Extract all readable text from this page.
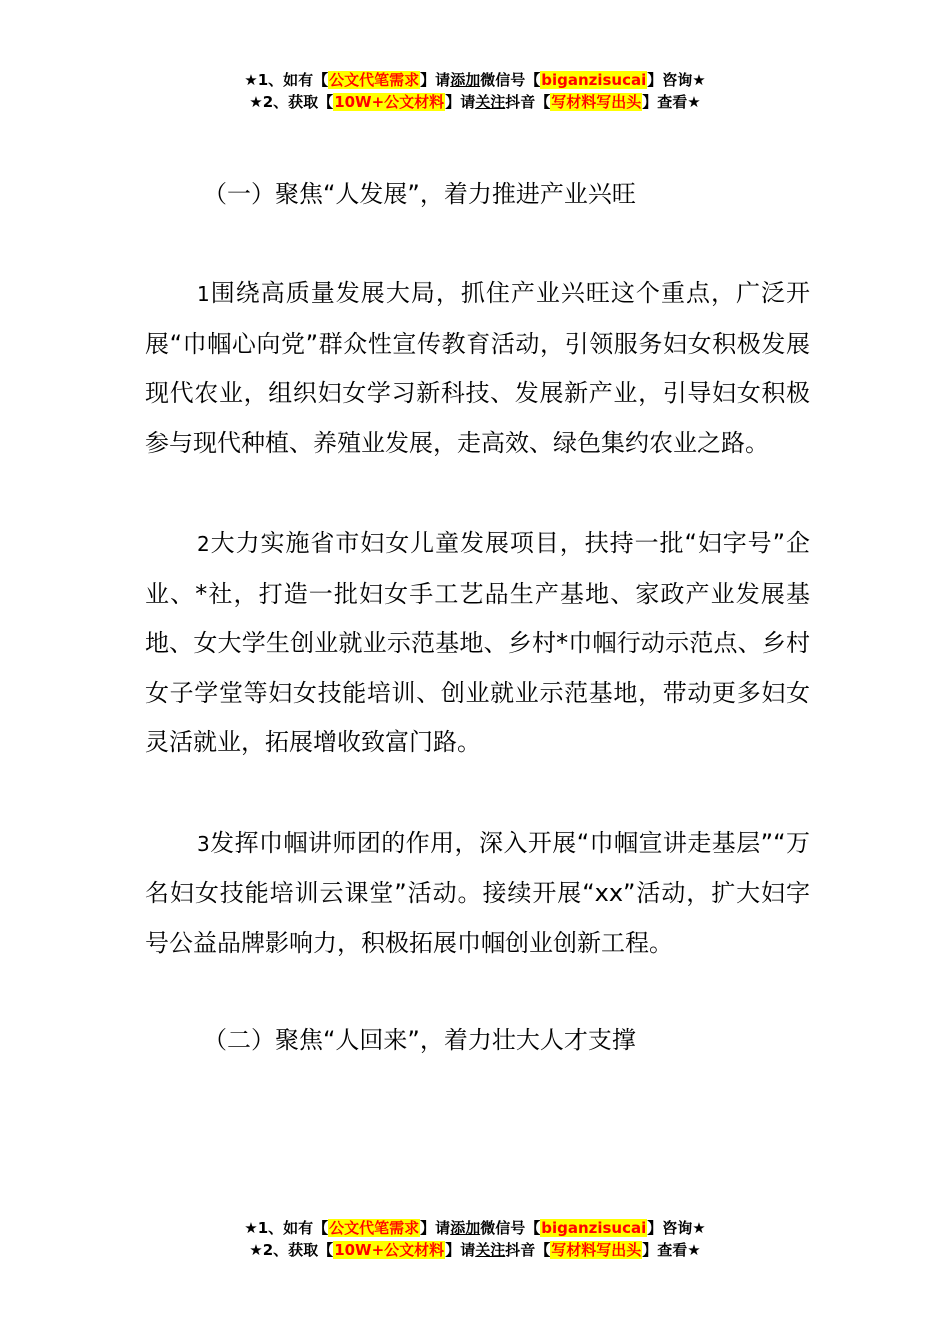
★1、如有【公文代笔需求】请添加微信号【biganzisucai】咨询★
★2、获取【10W+公文材料】请关注抖音【写材料写出头】查看★
（一）聚焦“人发展”，着力推进产业兴旺

1围绕高质量发展大局，抓住产业兴旺这个重点，广泛开展“巾帼心向党”群众性宣传教育活动，引领服务妇女积极发展现代农业，组织妇女学习新科技、发展新产业，引导妇女积极参与现代种植、养殖业发展，走高效、绿色集约农业之路。

2大力实施省市妇女儿童发展项目，扶持一批“妇字号”企业、*社，打造一批妇女手工艺品生产基地、家政产业发展基地、女大学生创业就业示范基地、乡村*巾帼行动示范点、乡村女子学堂等妇女技能培训、创业就业示范基地，带动更多妇女灵活就业，拓展增收致富门路。

3发挥巾帼讲师团的作用，深入开展“巾帼宣讲走基层”“万名妇女技能培训云课堂”活动。接续开展“xx”活动，扩大妇字号公益品牌影响力，积极拓展巾帼创业创新工程。

（二）聚焦“人回来”，着力壮大人才支撑
★1、如有【公文代笔需求】请添加微信号【biganzisucai】咨询★
★2、获取【10W+公文材料】请关注抖音【写材料写出头】查看★
